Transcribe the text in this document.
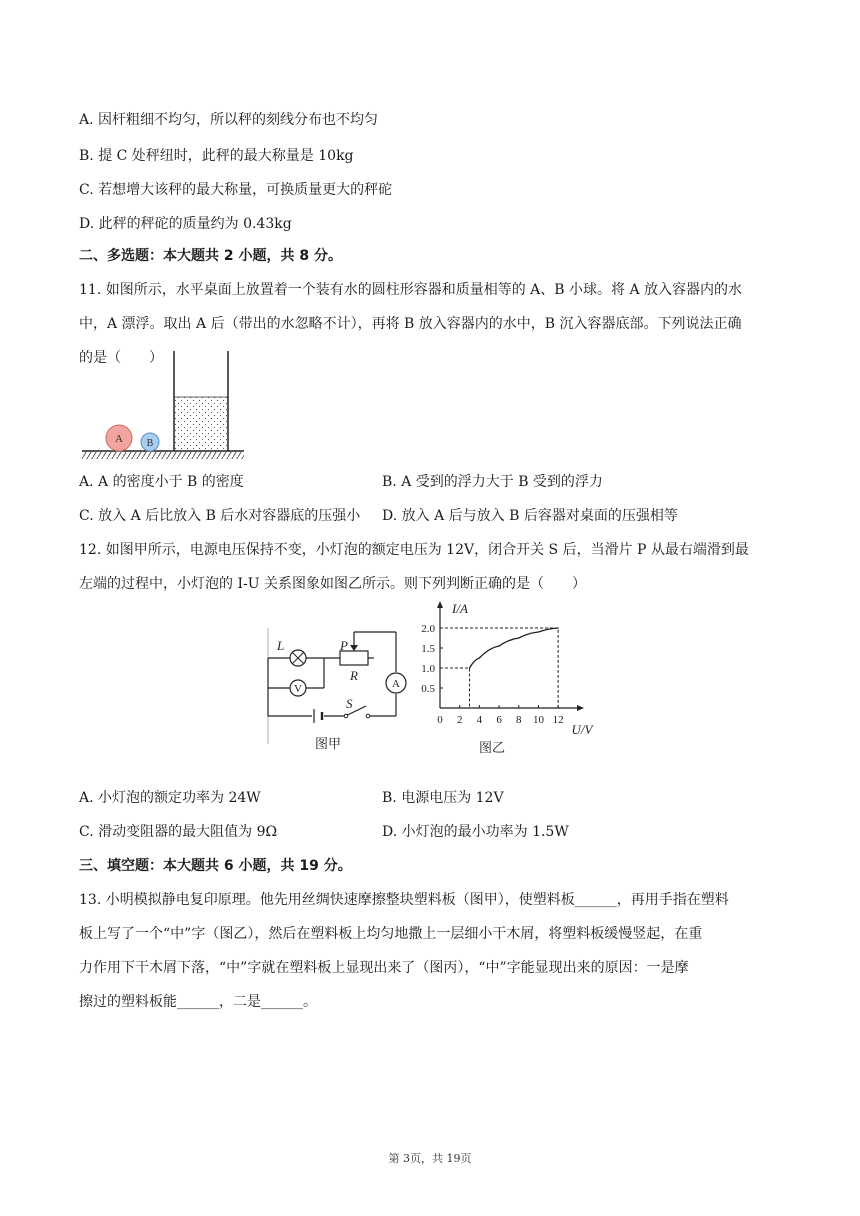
A. 因杆粗细不均匀，所以秤的刻线分布也不均匀
B. 提 C 处秤纽时，此秤的最大称量是 10kg
C. 若想增大该秤的最大称量，可换质量更大的秤砣
D. 此秤的秤砣的质量约为 0.43kg
二、多选题：本大题共 2 小题，共 8 分。
11. 如图所示，水平桌面上放置着一个装有水的圆柱形容器和质量相等的 A、B 小球。将 A 放入容器内的水
中，A 漂浮。取出 A 后（带出的水忽略不计），再将 B 放入容器内的水中，B 沉入容器底部。下列说法正确
的是（　　）
A B
A. A 的密度小于 B 的密度	B. A 受到的浮力大于 B 受到的浮力
C. 放入 A 后比放入 B 后水对容器底的压强小 D. 放入 A 后与放入 B 后容器对桌面的压强相等
12. 如图甲所示，电源电压保持不变，小灯泡的额定电压为 12V，闭合开关 S 后，当滑片 P 从最右端滑到最
左端的过程中，小灯泡的 I-U 关系图象如图乙所示。则下列判断正确的是（　　）
V	A
L	P
R
S
图甲
I/A
U/V
0 2 4 6 8 10 12
0.5
1.0
1.5
2.0
图乙
A. 小灯泡的额定功率为 24W	B. 电源电压为 12V
C. 滑动变阻器的最大阻值为 9Ω	D. 小灯泡的最小功率为 1.5W
三、填空题：本大题共 6 小题，共 19 分。
13. 小明模拟静电复印原理。他先用丝绸快速摩擦整块塑料板（图甲），使塑料板______，再用手指在塑料
板上写了一个“中”字（图乙），然后在塑料板上均匀地撒上一层细小干木屑，将塑料板缓慢竖起，在重
力作用下干木屑下落，“中”字就在塑料板上显现出来了（图丙），“中”字能显现出来的原因：一是摩
擦过的塑料板能______，二是______。
第 3页，共 19页
